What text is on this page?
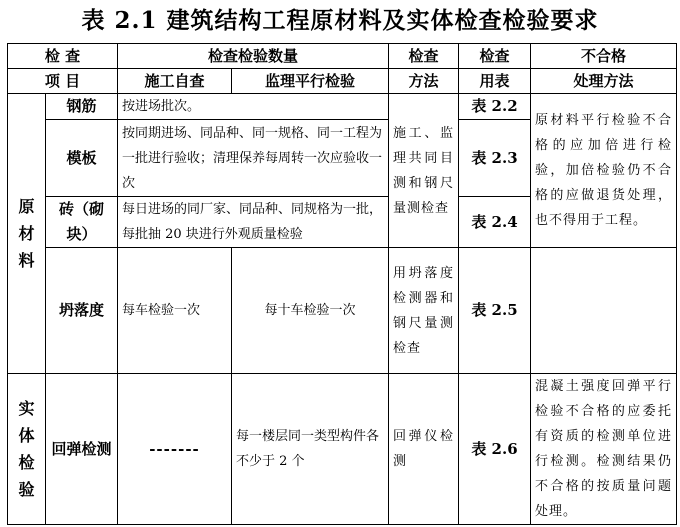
表 2.1 建筑结构工程原材料及实体检查检验要求
检 查		检查检验数量		检查	检查	不合格
项 目		施工自查	监理平行检验	方法	用表	处理方法
原材料	钢筋	按进场批次。		施工、监理共同目测和钢尺量测检查	表 2.2	原材料平行检验不合格的应加倍进行检验，加倍检验仍不合格的应做退货处理，也不得用于工程。
	模板	按同期进场、同品种、同一规格、同一工程为一批进行验收；清理保养每周转一次应验收一次			表 2.3	
	砖（砌块）	每日进场的同厂家、同品种、同规格为一批，每批抽 20 块进行外观质量检验			表 2.4	
	坍落度	每车检验一次	每十车检验一次	用坍落度检测器和钢尺量测检查	表 2.5	
实体检验	回弹检测	-------	每一楼层同一类型构件各不少于 2 个	回弹仪检测	表 2.6	混凝土强度回弹平行检验不合格的应委托有资质的检测单位进行检测。检测结果仍不合格的按质量问题处理。
